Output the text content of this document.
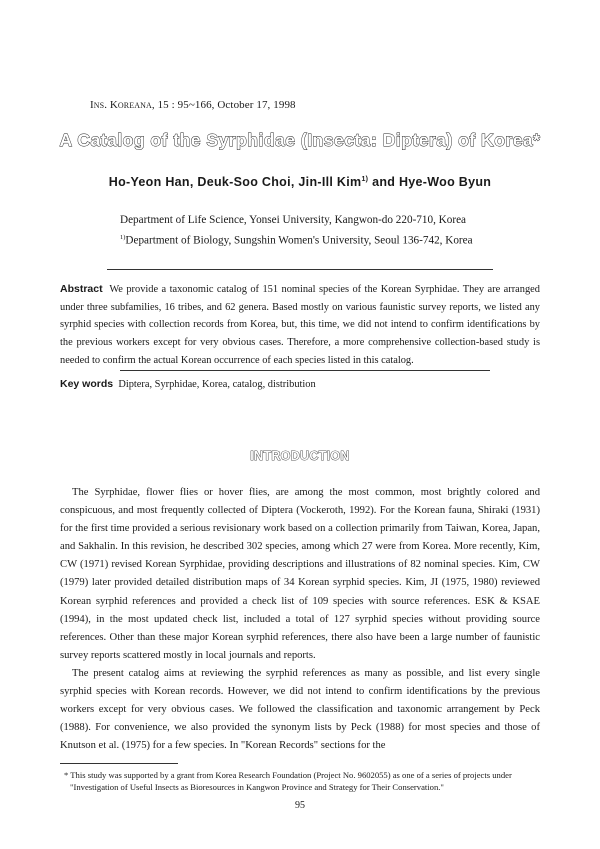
Ins. Koreana, 15 : 95~166, October 17, 1998
A Catalog of the Syrphidae (Insecta: Diptera) of Korea*
Ho-Yeon Han, Deuk-Soo Choi, Jin-Ill Kim$^{1)}$ and Hye-Woo Byun
Department of Life Science, Yonsei University, Kangwon-do 220-710, Korea
$^{1)}$Department of Biology, Sungshin Women's University, Seoul 136-742, Korea
Abstract We provide a taxonomic catalog of 151 nominal species of the Korean Syrphidae. They are arranged under three subfamilies, 16 tribes, and 62 genera. Based mostly on various faunistic survey reports, we listed any syrphid species with collection records from Korea, but, this time, we did not intend to confirm identifications by the previous workers except for very obvious cases. Therefore, a more comprehensive collection-based study is needed to confirm the actual Korean occurrence of each species listed in this catalog.
Key words Diptera, Syrphidae, Korea, catalog, distribution
INTRODUCTION

The Syrphidae, flower flies or hover flies, are among the most common, most brightly colored and conspicuous, and most frequently collected of Diptera (Vockeroth, 1992). For the Korean fauna, Shiraki (1931) for the first time provided a serious revisionary work based on a collection primarily from Taiwan, Korea, Japan, and Sakhalin. In this revision, he described 302 species, among which 27 were from Korea. More recently, Kim, CW (1971) revised Korean Syrphidae, providing descriptions and illustrations of 82 nominal species. Kim, CW (1979) later provided detailed distribution maps of 34 Korean syrphid species. Kim, JI (1975, 1980) reviewed Korean syrphid references and provided a check list of 109 species with source references. ESK & KSAE (1994), in the most updated check list, included a total of 127 syrphid species without providing source references. Other than these major Korean syrphid references, there also have been a large number of faunistic survey reports scattered mostly in local journals and reports.

The present catalog aims at reviewing the syrphid references as many as possible, and list every single syrphid species with Korean records. However, we did not intend to confirm identifications by the previous workers except for very obvious cases. We followed the classification and taxonomic arrangement by Peck (1988). For convenience, we also provided the synonym lists by Peck (1988) for most species and those of Knutson et al. (1975) for a few species. In "Korean Records" sections for the

* This study was supported by a grant from Korea Research Foundation (Project No. 9602055) as one of a series of projects under "Investigation of Useful Insects as Bioresources in Kangwon Province and Strategy for Their Conservation."
95
